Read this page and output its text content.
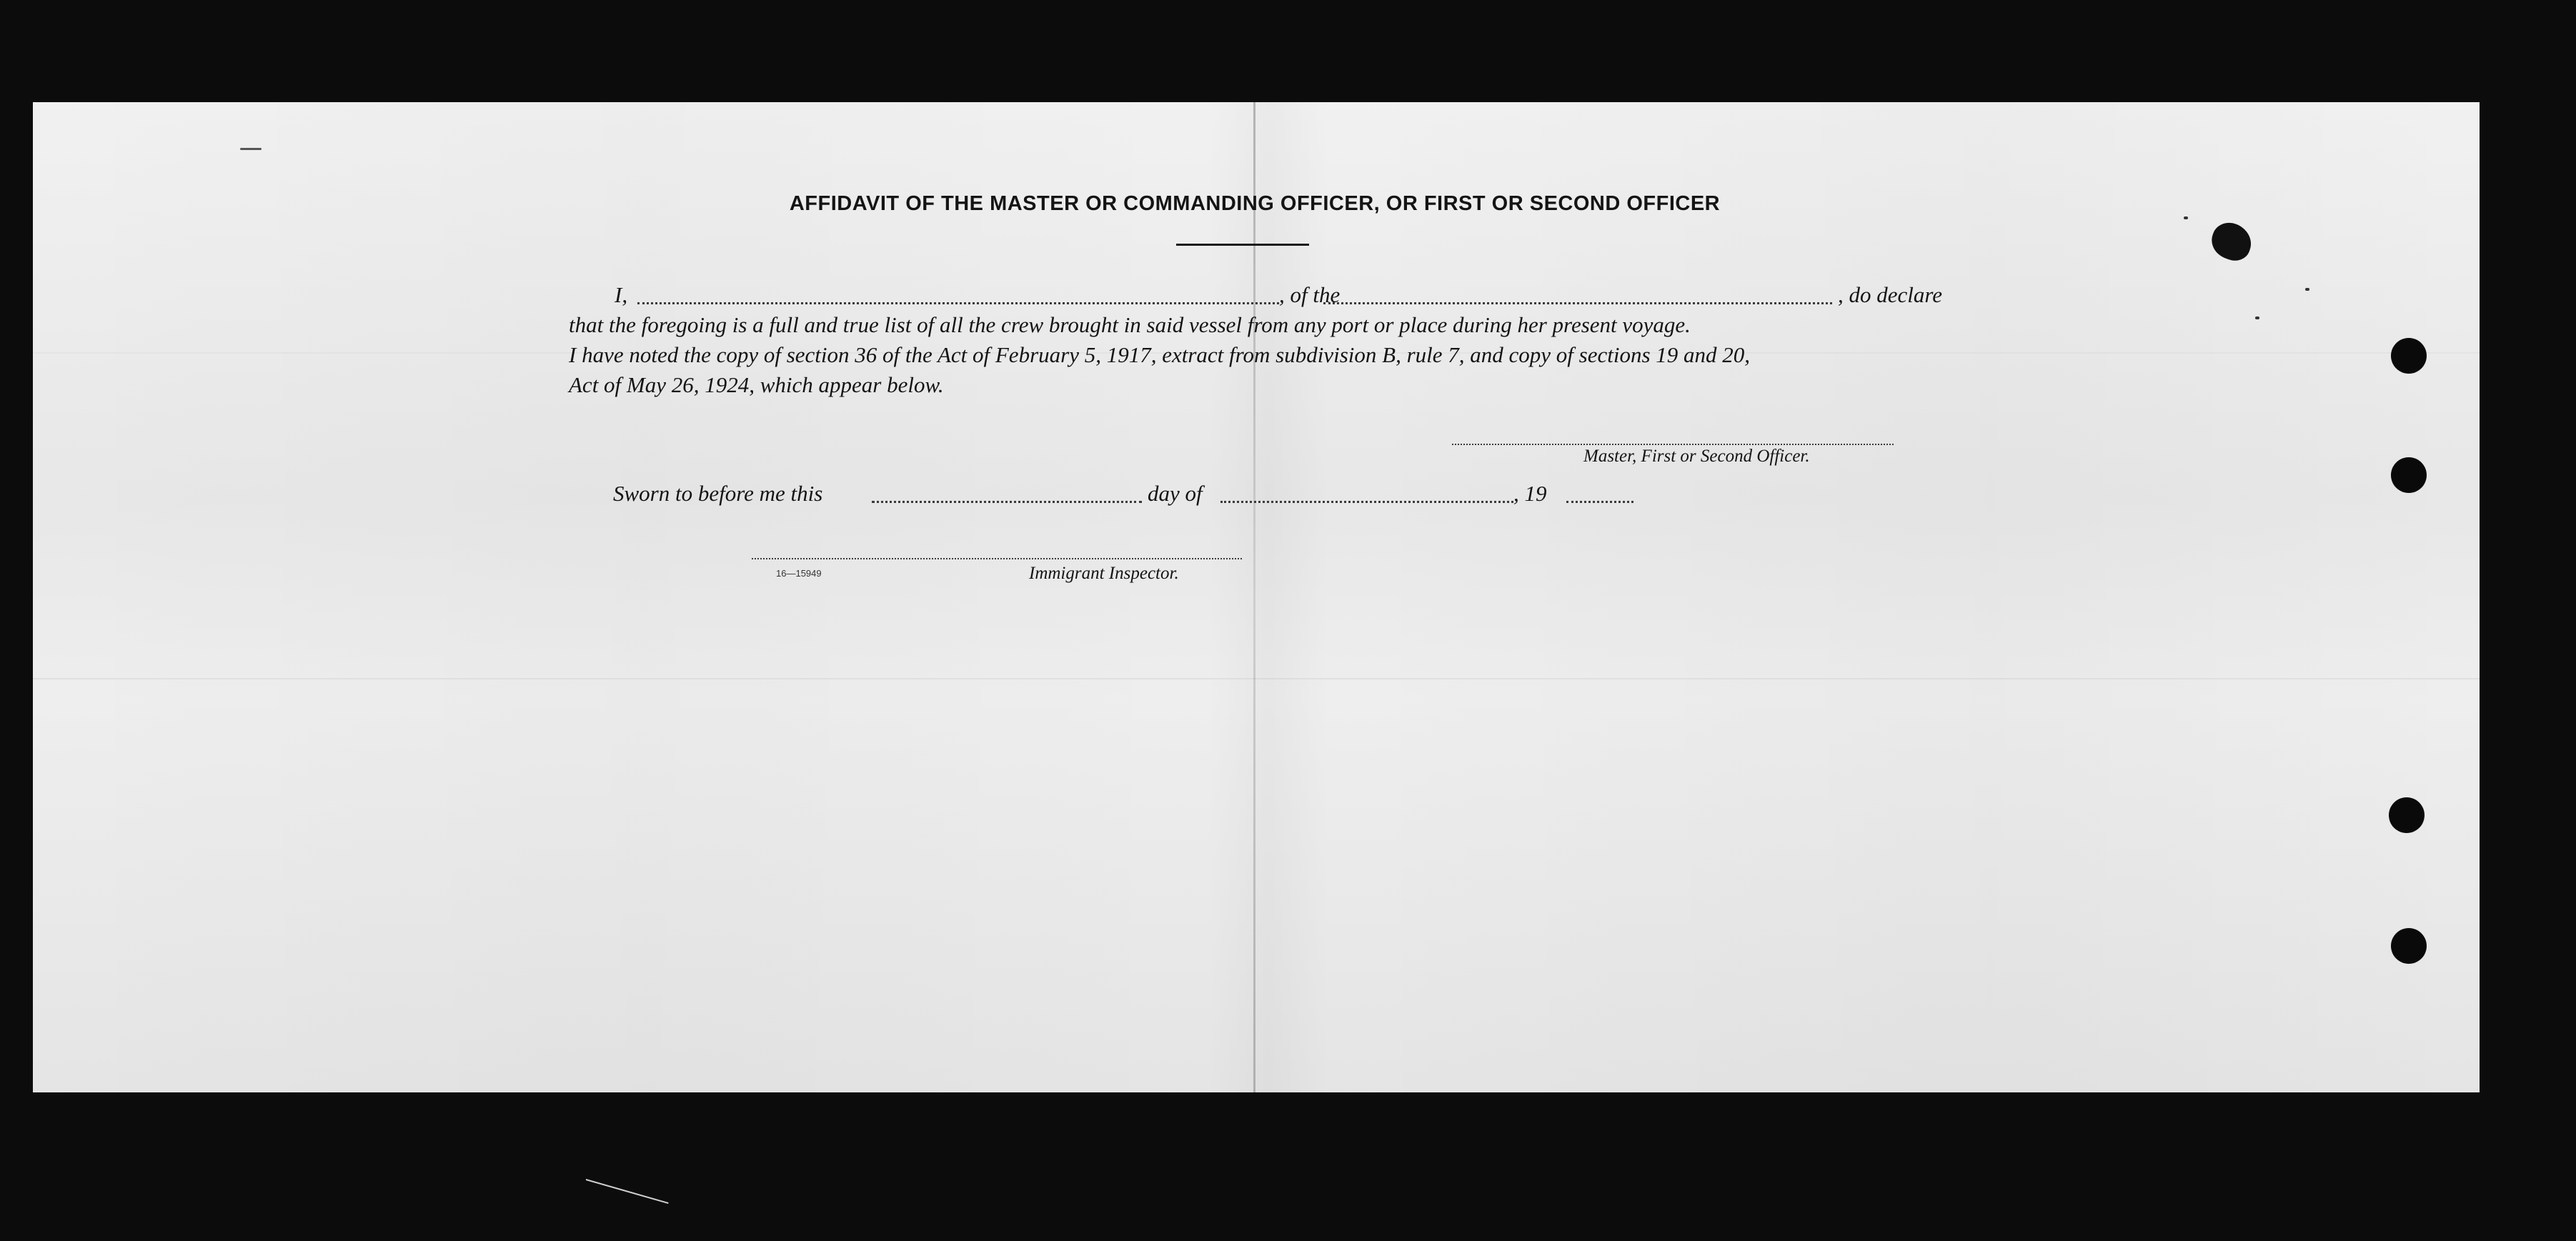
AFFIDAVIT OF THE MASTER OR COMMANDING OFFICER, OR FIRST OR SECOND OFFICER
I,	, of the	, do declare
that the foregoing is a full and true list of all the crew brought in said vessel from any port or place during her present voyage.
I have noted the copy of section 36 of the Act of February 5, 1917, extract from subdivision B, rule 7, and copy of sections 19 and 20,
Act of May 26, 1924, which appear below.
Master, First or Second Officer.
Sworn to before me this	day of	, 19
16—15949	Immigrant Inspector.
